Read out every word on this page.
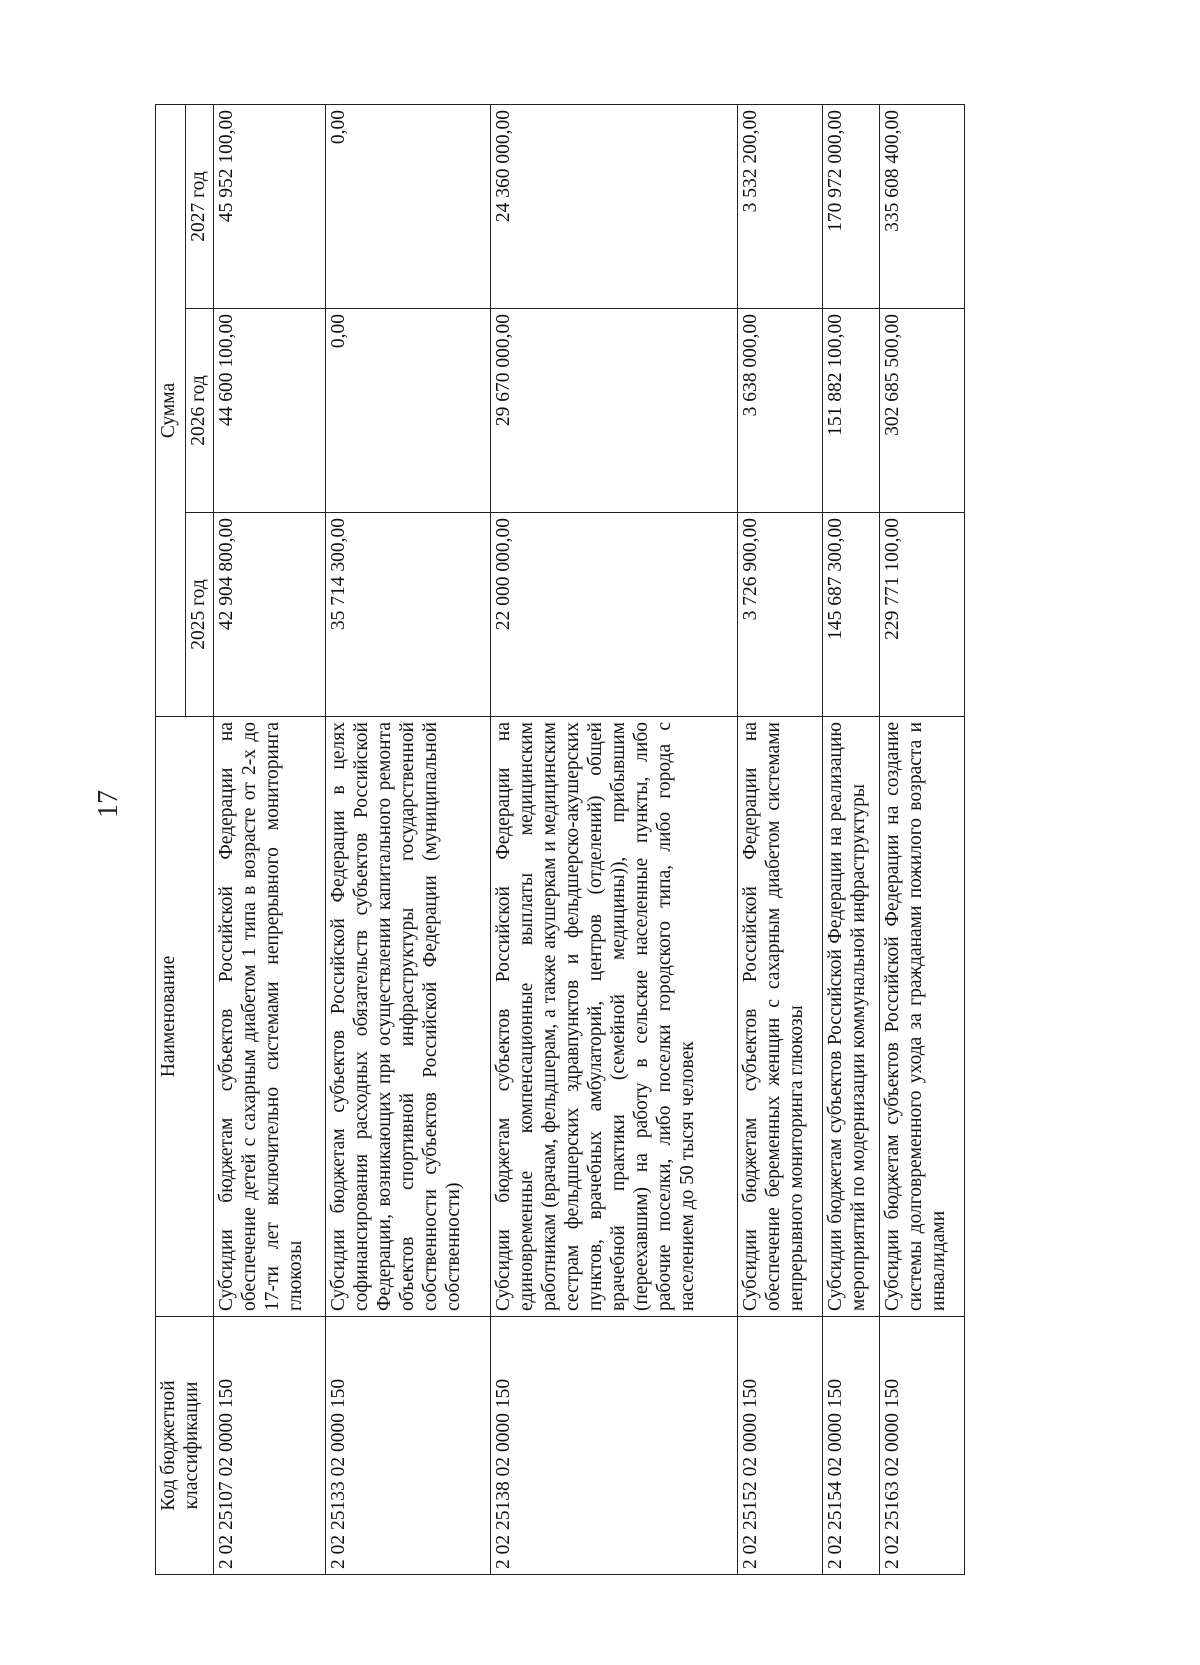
17
Код бюджетной классификации	Наименование	Сумма		
		2025 год	2026 год	2027 год
2 02 25107 02 0000 150	Субсидии бюджетам субъектов Российской Федерации на обеспечение детей с сахарным диабетом 1 типа в возрасте от 2-х до 17-ти лет включительно системами непрерывного мониторинга глюкозы	42 904 800,00	44 600 100,00	45 952 100,00
2 02 25133 02 0000 150	Субсидии бюджетам субъектов Российской Федерации в целях софинансирования расходных обязательств субъектов Российской Федерации, возникающих при осуществлении капитального ремонта объектов спортивной инфраструктуры государственной собственности субъектов Российской Федерации (муниципальной собственности)	35 714 300,00	0,00	0,00
2 02 25138 02 0000 150	Субсидии бюджетам субъектов Российской Федерации на единовременные компенсационные выплаты медицинским работникам (врачам, фельдшерам, а также акушеркам и медицинским сестрам фельдшерских здравпунктов и фельдшерско-акушерских пунктов, врачебных амбулаторий, центров (отделений) общей врачебной практики (семейной медицины)), прибывшим (переехавшим) на работу в сельские населенные пункты, либо рабочие поселки, либо поселки городского типа, либо города с населением до 50 тысяч человек	22 000 000,00	29 670 000,00	24 360 000,00
2 02 25152 02 0000 150	Субсидии бюджетам субъектов Российской Федерации на обеспечение беременных женщин с сахарным диабетом системами непрерывного мониторинга глюкозы	3 726 900,00	3 638 000,00	3 532 200,00
2 02 25154 02 0000 150	Субсидии бюджетам субъектов Российской Федерации на реализацию мероприятий по модернизации коммунальной инфраструктуры	145 687 300,00	151 882 100,00	170 972 000,00
2 02 25163 02 0000 150	Субсидии бюджетам субъектов Российской Федерации на создание системы долговременного ухода за гражданами пожилого возраста и инвалидами	229 771 100,00	302 685 500,00	335 608 400,00
